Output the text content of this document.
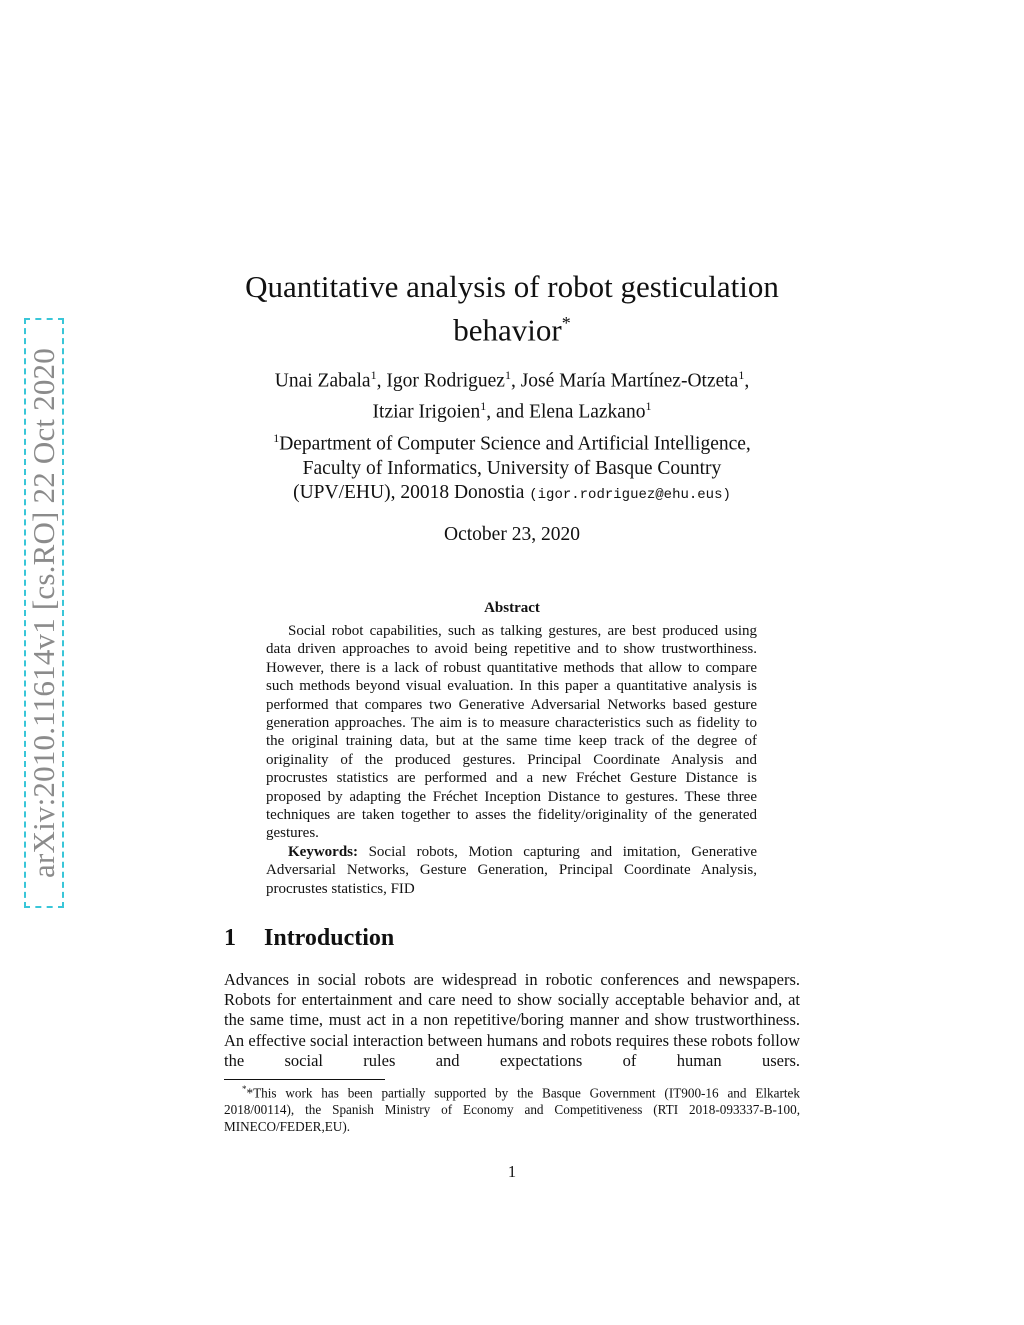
arXiv:2010.11614v1 [cs.RO] 22 Oct 2020
Quantitative analysis of robot gesticulation
behavior*
Unai Zabala$^1$, Igor Rodriguez$^1$, José María Martínez-Otzeta$^1$,
Itziar Irigoien$^1$, and Elena Lazkano$^1$
$^1$Department of Computer Science and Artificial Intelligence,
Faculty of Informatics, University of Basque Country
(UPV/EHU), 20018 Donostia (igor.rodriguez@ehu.eus)
October 23, 2020
Abstract

Social robot capabilities, such as talking gestures, are best produced using data driven approaches to avoid being repetitive and to show trustworthiness. However, there is a lack of robust quantitative methods that allow to compare such methods beyond visual evaluation. In this paper a quantitative analysis is performed that compares two Generative Adversarial Networks based gesture generation approaches. The aim is to measure characteristics such as fidelity to the original training data, but at the same time keep track of the degree of originality of the produced gestures. Principal Coordinate Analysis and procrustes statistics are performed and a new Fréchet Gesture Distance is proposed by adapting the Fréchet Inception Distance to gestures. These three techniques are taken together to asses the fidelity/originality of the generated gestures.

Keywords: Social robots, Motion capturing and imitation, Generative Adversarial Networks, Gesture Generation, Principal Coordinate Analysis, procrustes statistics, FID

1 Introduction

Advances in social robots are widespread in robotic conferences and newspapers. Robots for entertainment and care need to show socially acceptable behavior and, at the same time, must act in a non repetitive/boring manner and show trustworthiness. An effective social interaction between humans and robots requires these robots follow the social rules and expectations of human users.

**This work has been partially supported by the Basque Government (IT900-16 and Elkartek 2018/00114), the Spanish Ministry of Economy and Competitiveness (RTI 2018-093337-B-100, MINECO/FEDER,EU).

1
